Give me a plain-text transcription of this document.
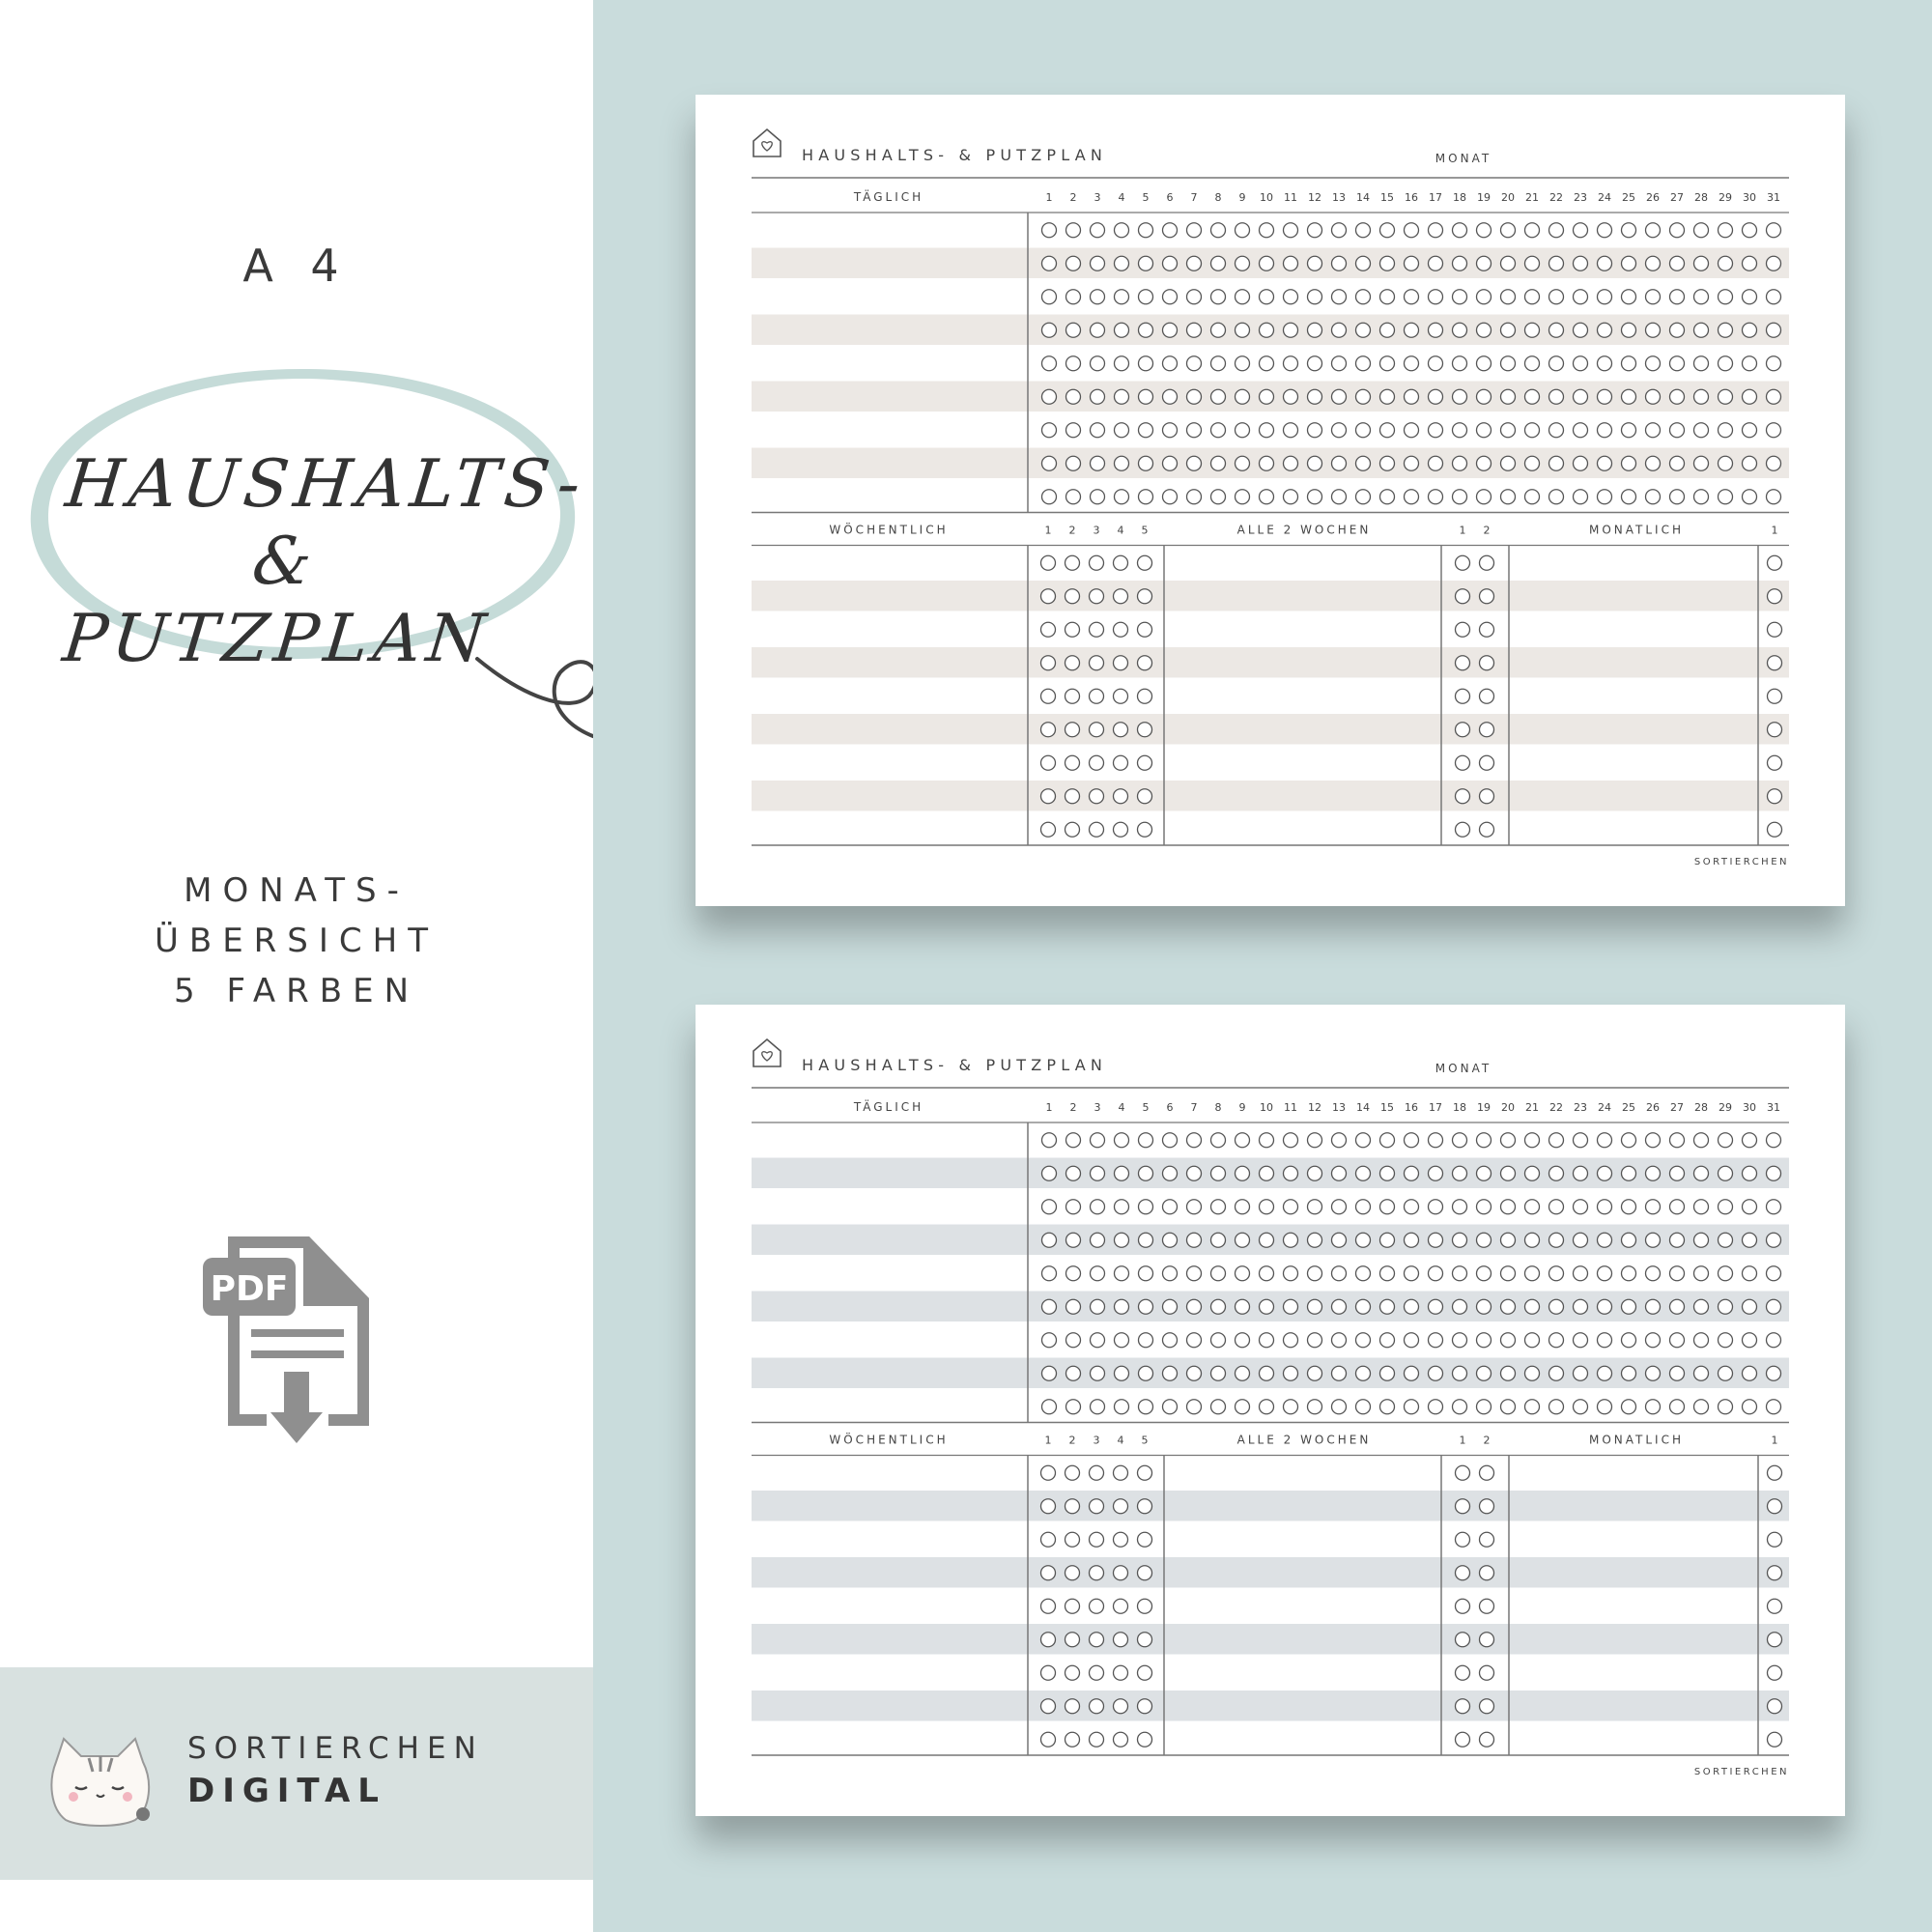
A 4
HAUSHALTS-
& PUTZPLAN
MONATS-
ÜBERSICHT
5 FARBEN
PDF
SORTIERCHEN
DIGITAL
HAUSHALTS- & PUTZPLAN	MONAT
TÄGLICH	1 2 3 4 5 6 7 8 9 10 11 12 13 14 15 16 17 18 19 20 21 22 23 24 25 26 27 28 29 30 31
WÖCHENTLICH	1 2 3 4 5	ALLE 2 WOCHEN	1 2	MONATLICH	1
SORTIERCHEN
HAUSHALTS- & PUTZPLAN	MONAT
TÄGLICH	1 2 3 4 5 6 7 8 9 10 11 12 13 14 15 16 17 18 19 20 21 22 23 24 25 26 27 28 29 30 31
WÖCHENTLICH	1 2 3 4 5	ALLE 2 WOCHEN	1 2	MONATLICH	1
SORTIERCHEN
